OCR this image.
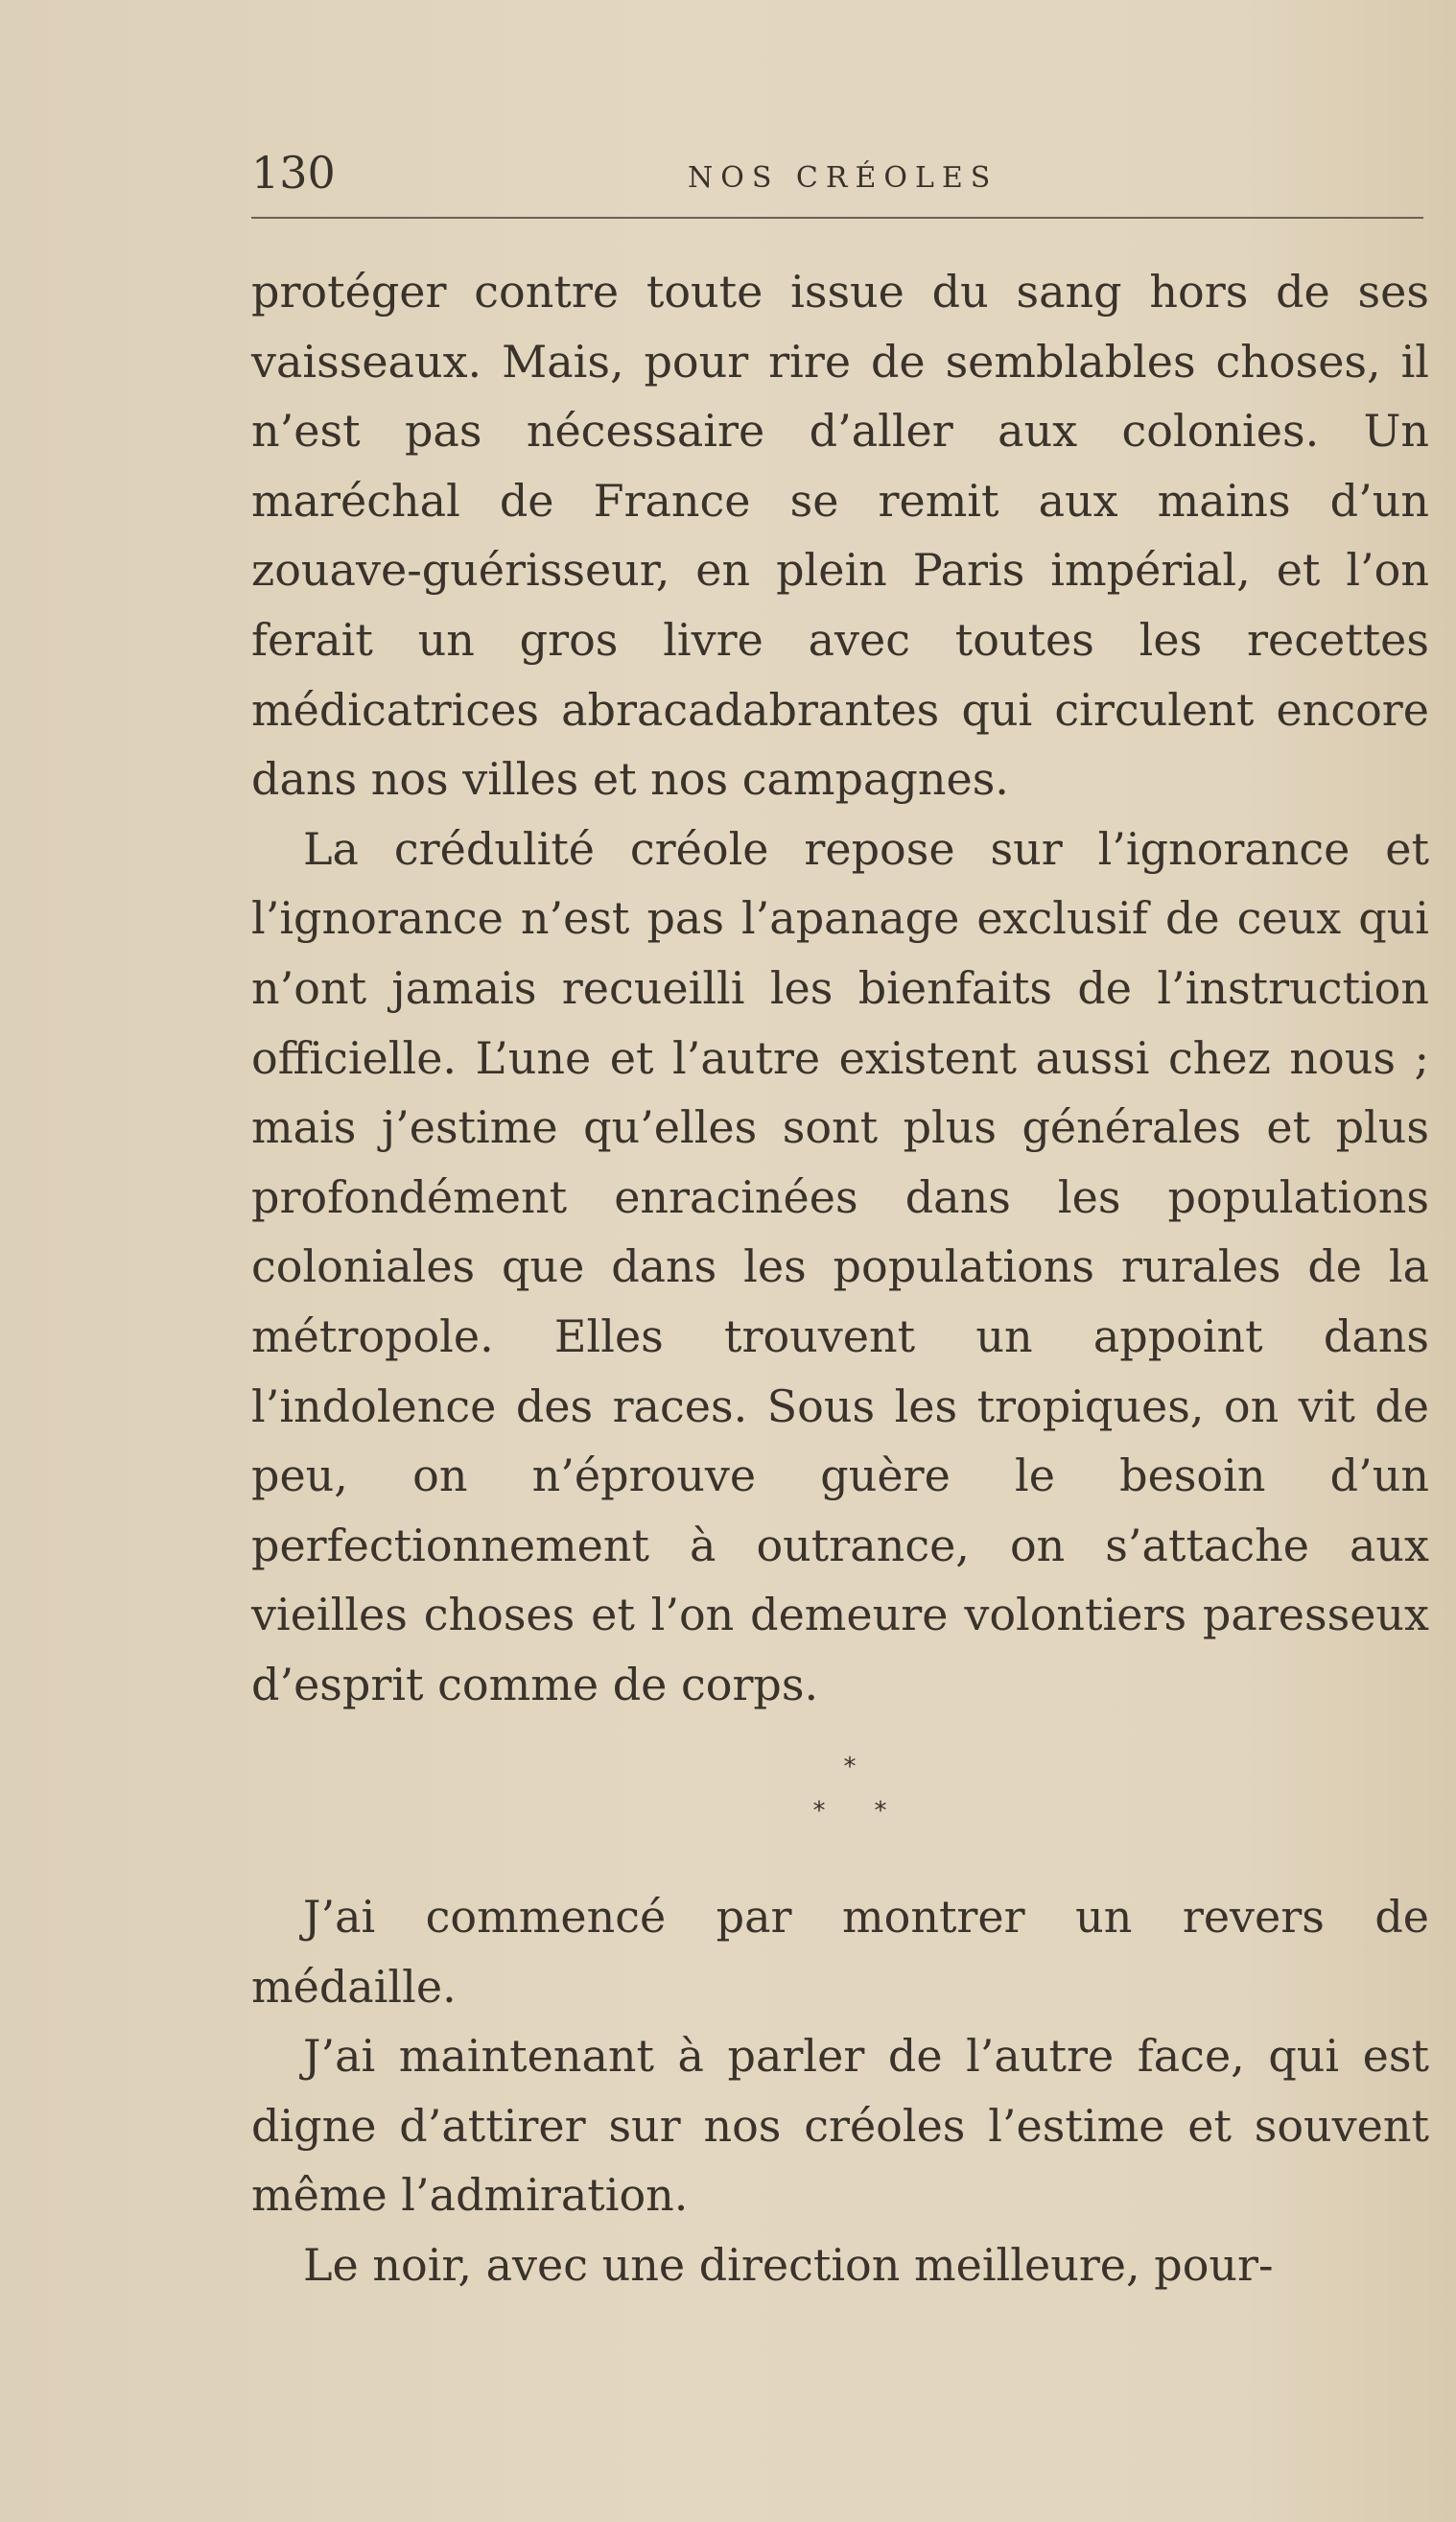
130	NOS CRÉOLES

protéger contre toute issue du sang hors de ses vaisseaux. Mais, pour rire de semblables choses, il n’est pas nécessaire d’aller aux colonies. Un maréchal de France se remit aux mains d’un zouave-guérisseur, en plein Paris impérial, et l’on ferait un gros livre avec toutes les recettes médicatrices abracadabrantes qui circulent encore dans nos villes et nos campagnes.

La crédulité créole repose sur l’ignorance et l’ignorance n’est pas l’apanage exclusif de ceux qui n’ont jamais recueilli les bienfaits de l’instruction officielle. L’une et l’autre existent aussi chez nous ; mais j’estime qu’elles sont plus générales et plus profondément enracinées dans les populations coloniales que dans les populations rurales de la métropole. Elles trouvent un appoint dans l’indolence des races. Sous les tropiques, on vit de peu, on n’éprouve guère le besoin d’un perfectionnement à outrance, on s’attache aux vieilles choses et l’on demeure volontiers paresseux d’esprit comme de corps.

*
* *

J’ai commencé par montrer un revers de médaille.

J’ai maintenant à parler de l’autre face, qui est digne d’attirer sur nos créoles l’estime et souvent même l’admiration.

Le noir, avec une direction meilleure, pour-
